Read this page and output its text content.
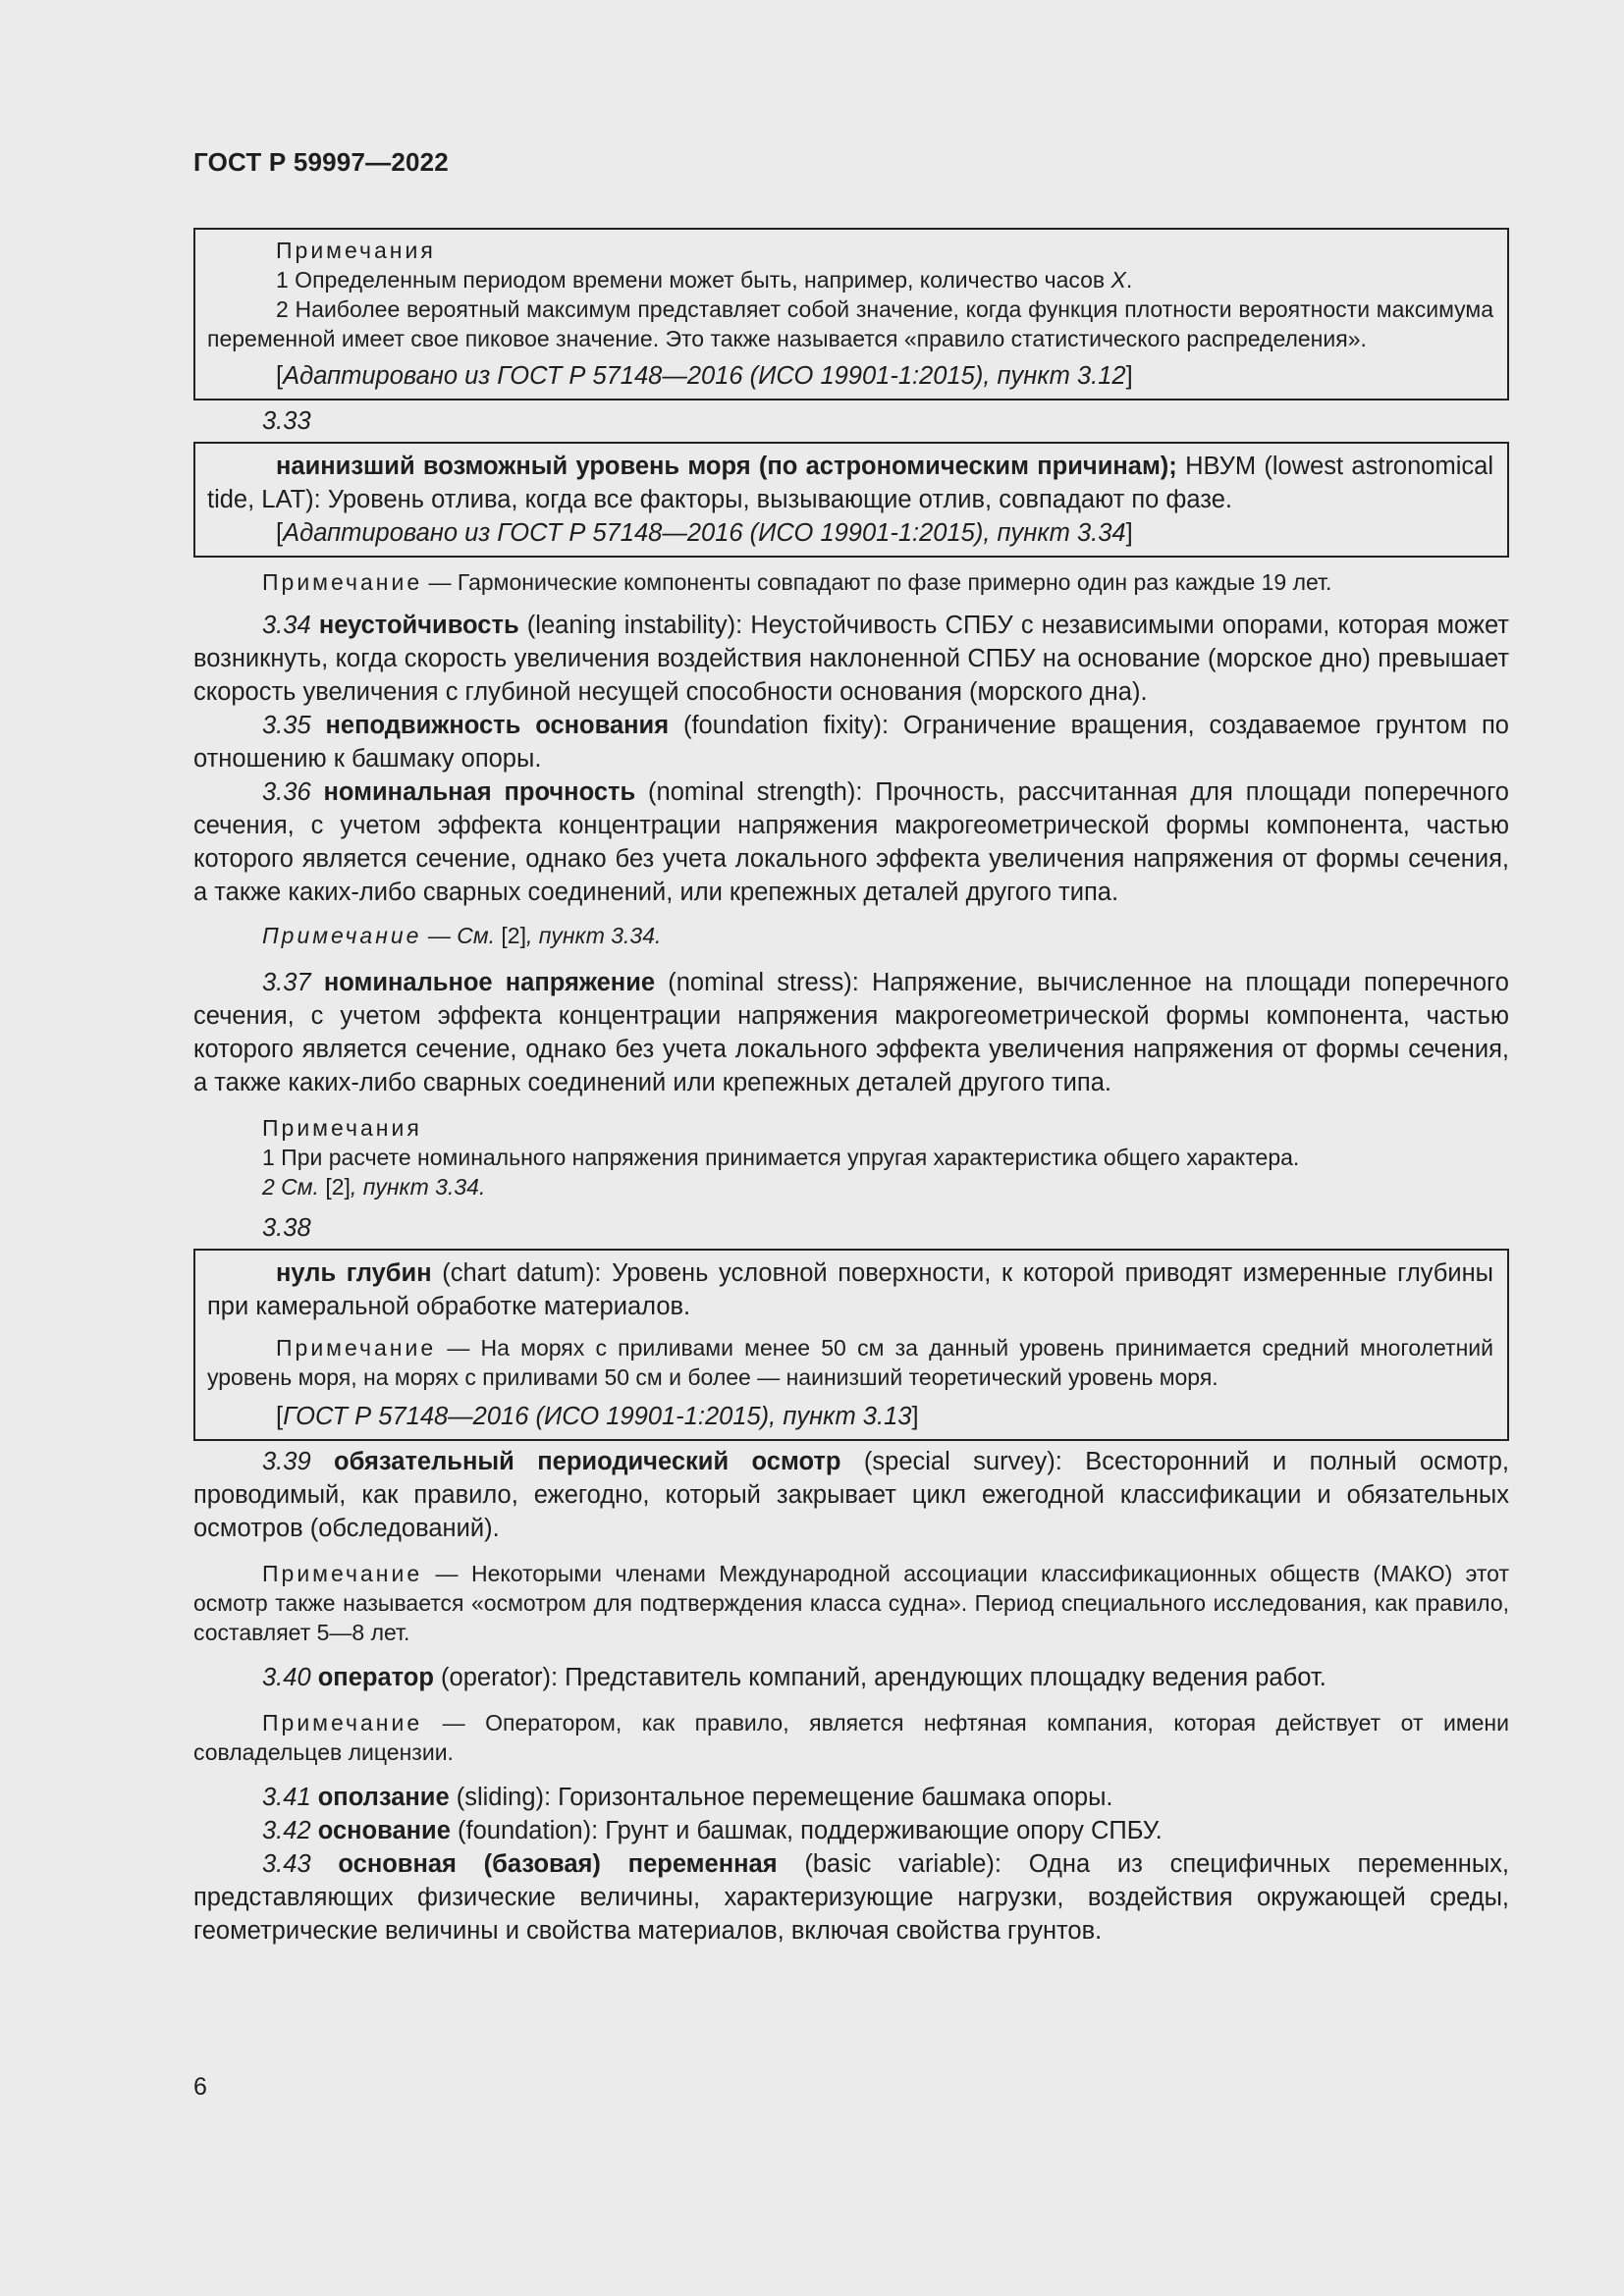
ГОСТ Р 59997—2022

Примечания

1 Определенным периодом времени может быть, например, количество часов X.

2 Наиболее вероятный максимум представляет собой значение, когда функция плотности вероятности максимума переменной имеет свое пиковое значение. Это также называется «правило статистического распределения».

[Адаптировано из ГОСТ Р 57148—2016 (ИСО 19901-1:2015), пункт 3.12]

3.33

наинизший возможный уровень моря (по астрономическим причинам); НВУМ (lowest astronomical tide, LAT): Уровень отлива, когда все факторы, вызывающие отлив, совпадают по фазе.

[Адаптировано из ГОСТ Р 57148—2016 (ИСО 19901-1:2015), пункт 3.34]

Примечание — Гармонические компоненты совпадают по фазе примерно один раз каждые 19 лет.

3.34 неустойчивость (leaning instability): Неустойчивость СПБУ с независимыми опорами, которая может возникнуть, когда скорость увеличения воздействия наклоненной СПБУ на основание (морское дно) превышает скорость увеличения с глубиной несущей способности основания (морского дна).

3.35 неподвижность основания (foundation fixity): Ограничение вращения, создаваемое грунтом по отношению к башмаку опоры.

3.36 номинальная прочность (nominal strength): Прочность, рассчитанная для площади поперечного сечения, с учетом эффекта концентрации напряжения макрогеометрической формы компонента, частью которого является сечение, однако без учета локального эффекта увеличения напряжения от формы сечения, а также каких-либо сварных соединений, или крепежных деталей другого типа.

Примечание — См. [2], пункт 3.34.

3.37 номинальное напряжение (nominal stress): Напряжение, вычисленное на площади поперечного сечения, с учетом эффекта концентрации напряжения макрогеометрической формы компонента, частью которого является сечение, однако без учета локального эффекта увеличения напряжения от формы сечения, а также каких-либо сварных соединений или крепежных деталей другого типа.

Примечания

1 При расчете номинального напряжения принимается упругая характеристика общего характера.

2 См. [2], пункт 3.34.

3.38

нуль глубин (chart datum): Уровень условной поверхности, к которой приводят измеренные глубины при камеральной обработке материалов.

Примечание — На морях с приливами менее 50 см за данный уровень принимается средний многолетний уровень моря, на морях с приливами 50 см и более — наинизший теоретический уровень моря.

[ГОСТ Р 57148—2016 (ИСО 19901-1:2015), пункт 3.13]

3.39 обязательный периодический осмотр (special survey): Всесторонний и полный осмотр, проводимый, как правило, ежегодно, который закрывает цикл ежегодной классификации и обязательных осмотров (обследований).

Примечание — Некоторыми членами Международной ассоциации классификационных обществ (МАКО) этот осмотр также называется «осмотром для подтверждения класса судна». Период специального исследования, как правило, составляет 5—8 лет.

3.40 оператор (operator): Представитель компаний, арендующих площадку ведения работ.

Примечание — Оператором, как правило, является нефтяная компания, которая действует от имени совладельцев лицензии.

3.41 оползание (sliding): Горизонтальное перемещение башмака опоры.

3.42 основание (foundation): Грунт и башмак, поддерживающие опору СПБУ.

3.43 основная (базовая) переменная (basic variable): Одна из специфичных переменных, представляющих физические величины, характеризующие нагрузки, воздействия окружающей среды, геометрические величины и свойства материалов, включая свойства грунтов.

6
